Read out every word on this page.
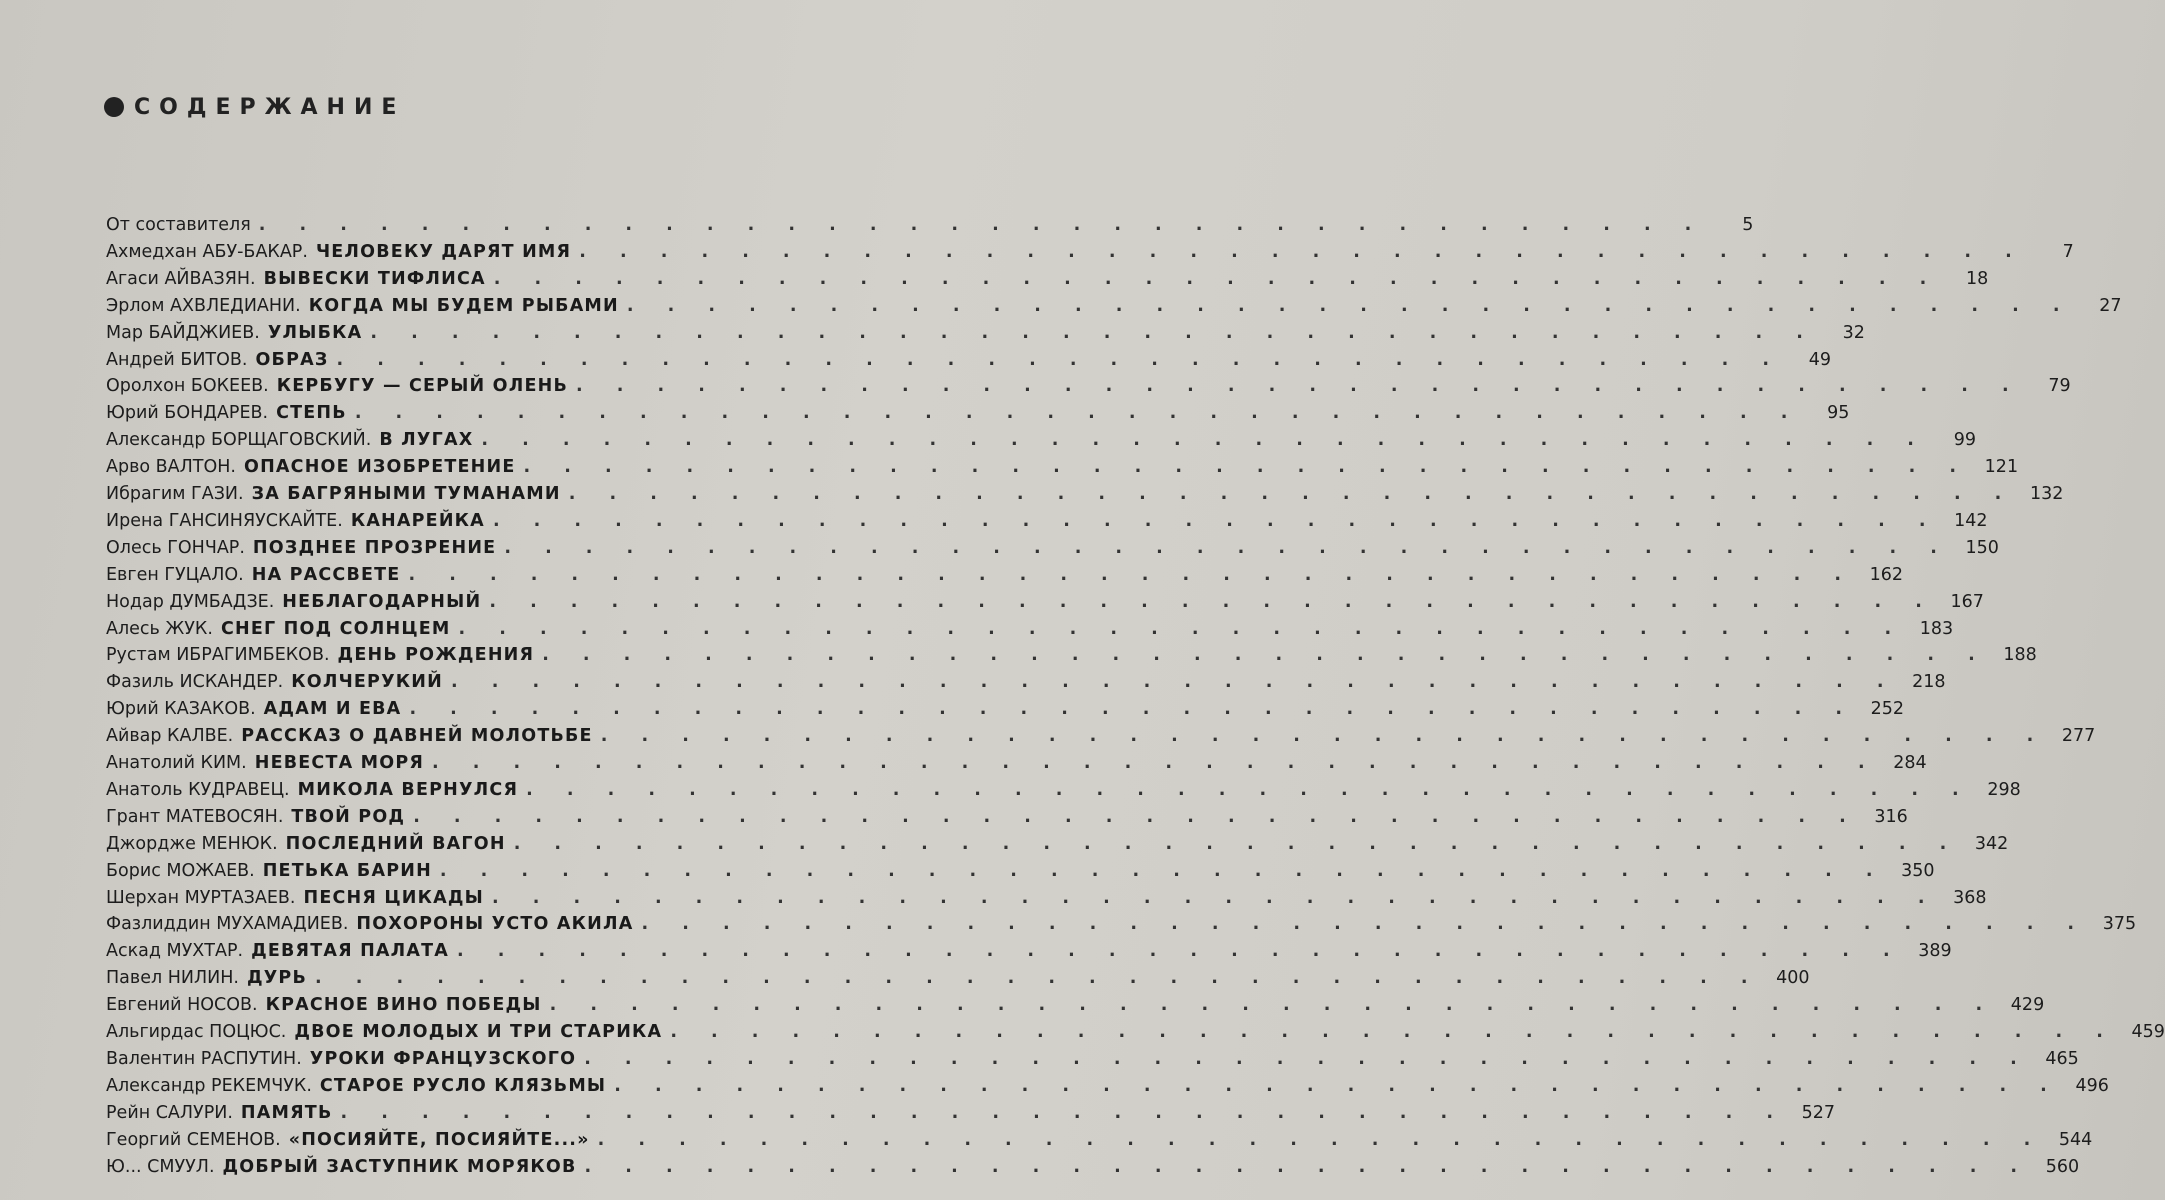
СОДЕРЖАНИЕ
От составителя . . . . . . . . . . . . . . . . . . . . . . . . . . . . . . . . . . . .	5
Ахмедхан АБУ-БАКАР. ЧЕЛОВЕКУ ДАРЯТ ИМЯ . . . . . . . . . . . . . . . . . . . . . . . . . . . . . . . . . . . .	7
Агаси АЙВАЗЯН. ВЫВЕСКИ ТИФЛИСА . . . . . . . . . . . . . . . . . . . . . . . . . . . . . . . . . . . .	18
Эрлом АХВЛЕДИАНИ. КОГДА МЫ БУДЕМ РЫБАМИ . . . . . . . . . . . . . . . . . . . . . . . . . . . . . . . . . . . .	27
Мар БАЙДЖИЕВ. УЛЫБКА . . . . . . . . . . . . . . . . . . . . . . . . . . . . . . . . . . . .	32
Андрей БИТОВ. ОБРАЗ . . . . . . . . . . . . . . . . . . . . . . . . . . . . . . . . . . . .	49
Оролхон БОКЕЕВ. КЕРБУГУ — СЕРЫЙ ОЛЕНЬ . . . . . . . . . . . . . . . . . . . . . . . . . . . . . . . . . . . .	79
Юрий БОНДАРЕВ. СТЕПЬ . . . . . . . . . . . . . . . . . . . . . . . . . . . . . . . . . . . .	95
Александр БОРЩАГОВСКИЙ. В ЛУГАХ . . . . . . . . . . . . . . . . . . . . . . . . . . . . . . . . . . . .	99
Арво ВАЛТОН. ОПАСНОЕ ИЗОБРЕТЕНИЕ . . . . . . . . . . . . . . . . . . . . . . . . . . . . . . . . . . . . 121
Ибрагим ГАЗИ. ЗА БАГРЯНЫМИ ТУМАНАМИ . . . . . . . . . . . . . . . . . . . . . . . . . . . . . . . . . . . . 132
Ирена ГАНСИНЯУСКАЙТЕ. КАНАРЕЙКА . . . . . . . . . . . . . . . . . . . . . . . . . . . . . . . . . . . . 142
Олесь ГОНЧАР. ПОЗДНЕЕ ПРОЗРЕНИЕ . . . . . . . . . . . . . . . . . . . . . . . . . . . . . . . . . . . . 150
Евген ГУЦАЛО. НА РАССВЕТЕ . . . . . . . . . . . . . . . . . . . . . . . . . . . . . . . . . . . . 162
Нодар ДУМБАДЗЕ. НЕБЛАГОДАРНЫЙ . . . . . . . . . . . . . . . . . . . . . . . . . . . . . . . . . . . . 167
Алесь ЖУК. СНЕГ ПОД СОЛНЦЕМ . . . . . . . . . . . . . . . . . . . . . . . . . . . . . . . . . . . . 183
Рустам ИБРАГИМБЕКОВ. ДЕНЬ РОЖДЕНИЯ . . . . . . . . . . . . . . . . . . . . . . . . . . . . . . . . . . . . 188
Фазиль ИСКАНДЕР. КОЛЧЕРУКИЙ . . . . . . . . . . . . . . . . . . . . . . . . . . . . . . . . . . . . 218
Юрий КАЗАКОВ. АДАМ И ЕВА . . . . . . . . . . . . . . . . . . . . . . . . . . . . . . . . . . . . 252
Айвар КАЛВЕ. РАССКАЗ О ДАВНЕЙ МОЛОТЬБЕ . . . . . . . . . . . . . . . . . . . . . . . . . . . . . . . . . . . . 277
Анатолий КИМ. НЕВЕСТА МОРЯ . . . . . . . . . . . . . . . . . . . . . . . . . . . . . . . . . . . . 284
Анатоль КУДРАВЕЦ. МИКОЛА ВЕРНУЛСЯ . . . . . . . . . . . . . . . . . . . . . . . . . . . . . . . . . . . . 298
Грант МАТЕВОСЯН. ТВОЙ РОД . . . . . . . . . . . . . . . . . . . . . . . . . . . . . . . . . . . . 316
Джордже МЕНЮК. ПОСЛЕДНИЙ ВАГОН . . . . . . . . . . . . . . . . . . . . . . . . . . . . . . . . . . . . 342
Борис МОЖАЕВ. ПЕТЬКА БАРИН . . . . . . . . . . . . . . . . . . . . . . . . . . . . . . . . . . . . 350
Шерхан МУРТАЗАЕВ. ПЕСНЯ ЦИКАДЫ . . . . . . . . . . . . . . . . . . . . . . . . . . . . . . . . . . . . 368
Фазлиддин МУХАМАДИЕВ. ПОХОРОНЫ УСТО АКИЛА . . . . . . . . . . . . . . . . . . . . . . . . . . . . . . . . . . . . 375
Аскад МУХТАР. ДЕВЯТАЯ ПАЛАТА . . . . . . . . . . . . . . . . . . . . . . . . . . . . . . . . . . . . 389
Павел НИЛИН. ДУРЬ . . . . . . . . . . . . . . . . . . . . . . . . . . . . . . . . . . . . 400
Евгений НОСОВ. КРАСНОЕ ВИНО ПОБЕДЫ . . . . . . . . . . . . . . . . . . . . . . . . . . . . . . . . . . . . 429
Альгирдас ПОЦЮС. ДВОЕ МОЛОДЫХ И ТРИ СТАРИКА . . . . . . . . . . . . . . . . . . . . . . . . . . . . . . . . . . . . 459
Валентин РАСПУТИН. УРОКИ ФРАНЦУЗСКОГО . . . . . . . . . . . . . . . . . . . . . . . . . . . . . . . . . . . . 465
Александр РЕКЕМЧУК. СТАРОЕ РУСЛО КЛЯЗЬМЫ . . . . . . . . . . . . . . . . . . . . . . . . . . . . . . . . . . . . 496
Рейн САЛУРИ. ПАМЯТЬ . . . . . . . . . . . . . . . . . . . . . . . . . . . . . . . . . . . . 527
Георгий СЕМЕНОВ. «ПОСИЯЙТЕ, ПОСИЯЙТЕ...» . . . . . . . . . . . . . . . . . . . . . . . . . . . . . . . . . . . . 544
Ю... СМУУЛ. ДОБРЫЙ ЗАСТУПНИК МОРЯКОВ . . . . . . . . . . . . . . . . . . . . . . . . . . . . . . . . . . . . 560
